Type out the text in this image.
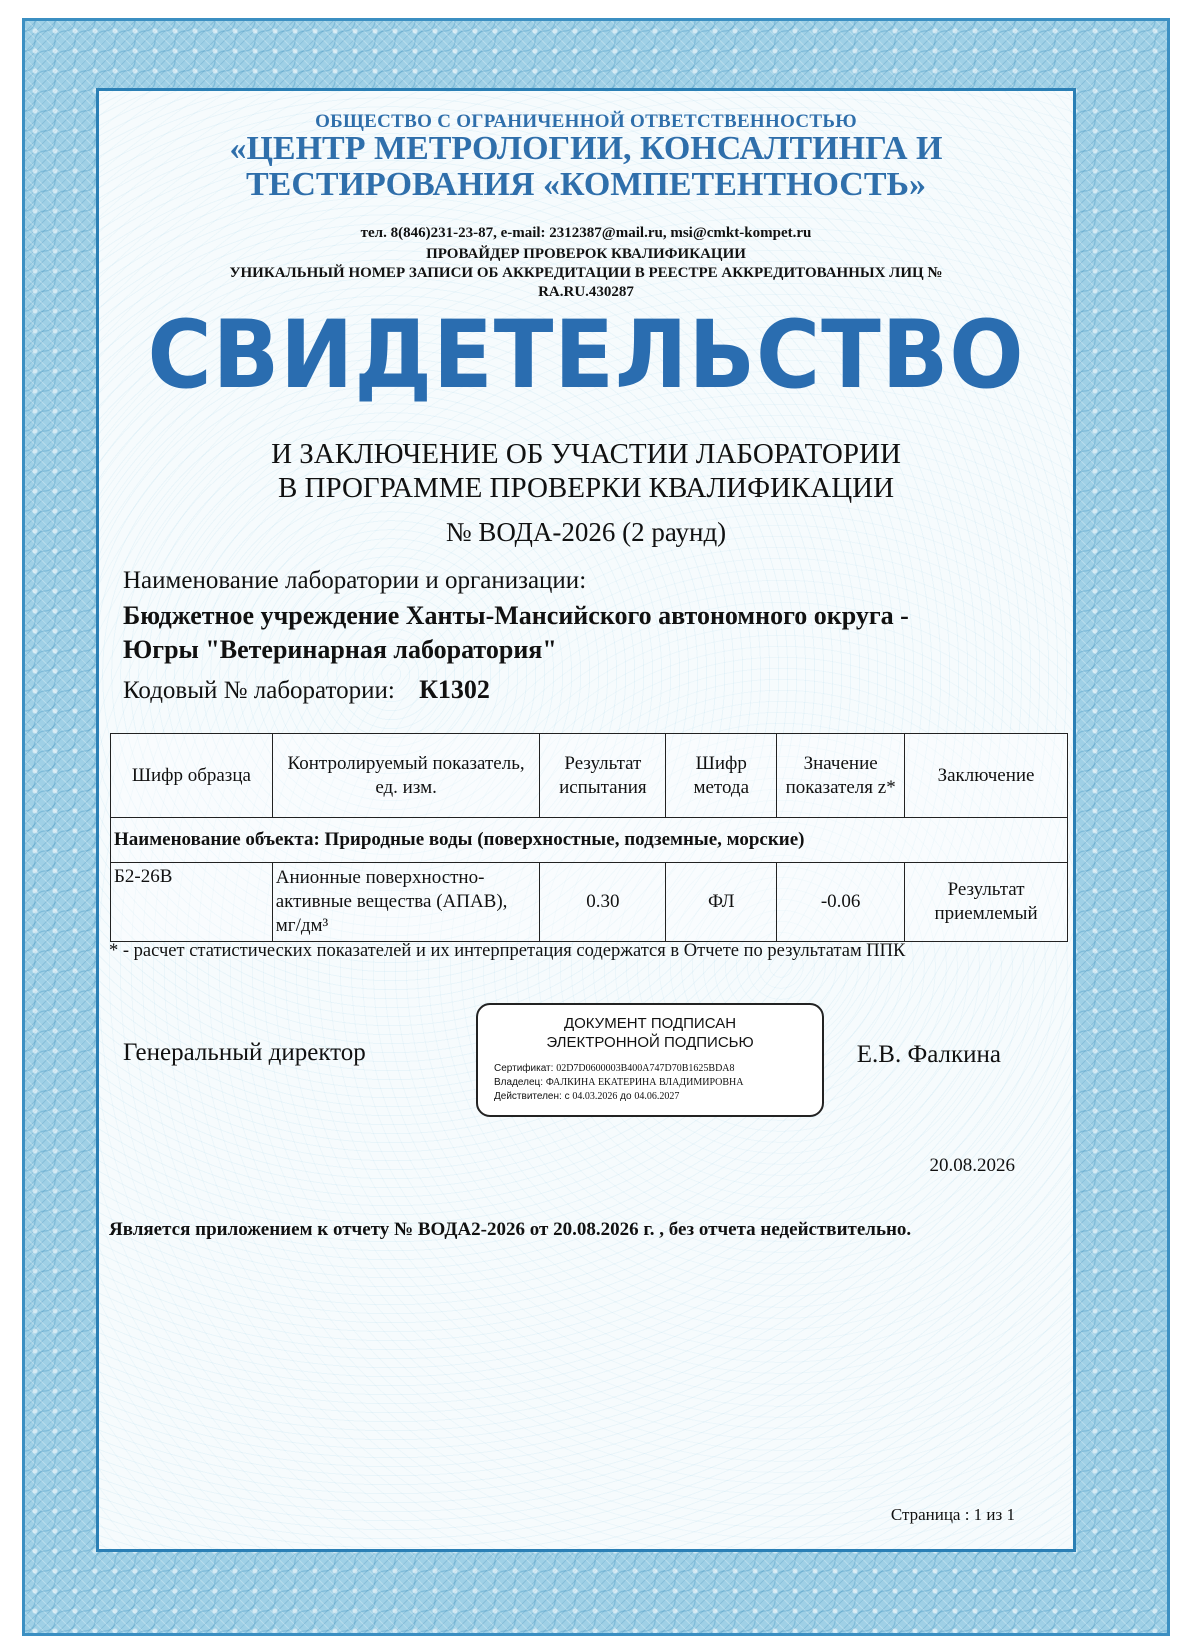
ОБЩЕСТВО С ОГРАНИЧЕННОЙ ОТВЕТСТВЕННОСТЬЮ
«ЦЕНТР МЕТРОЛОГИИ, КОНСАЛТИНГА И
ТЕСТИРОВАНИЯ «КОМПЕТЕНТНОСТЬ»
тел. 8(846)231-23-87, e-mail: 2312387@mail.ru, msi@cmkt-kompet.ru
ПРОВАЙДЕР ПРОВЕРОК КВАЛИФИКАЦИИ
УНИКАЛЬНЫЙ НОМЕР ЗАПИСИ ОБ АККРЕДИТАЦИИ В РЕЕСТРЕ АККРЕДИТОВАННЫХ ЛИЦ №
RA.RU.430287
СВИДЕТЕЛЬСТВО
И ЗАКЛЮЧЕНИЕ ОБ УЧАСТИИ ЛАБОРАТОРИИ
В ПРОГРАММЕ ПРОВЕРКИ КВАЛИФИКАЦИИ
№ ВОДА-2026 (2 раунд)
Наименование лаборатории и организации:
Бюджетное учреждение Ханты-Мансийского автономного округа -
Югры "Ветеринарная лаборатория"
Кодовый № лаборатории: К1302
Шифр образца	Контролируемый показатель, ед. изм.	Результат испытания	Шифр метода	Значение показателя z*	Заключение
Наименование объекта: Природные воды (поверхностные, подземные, морские)					
Б2-26В	Анионные поверхностно-активные вещества (АПАВ), мг/дм³	0.30	ФЛ	-0.06	Результат приемлемый
* - расчет статистических показателей и их интерпретация содержатся в Отчете по результатам ППК
Генеральный директор
ДОКУМЕНТ ПОДПИСАН
ЭЛЕКТРОННОЙ ПОДПИСЬЮ
Сертификат: 02D7D0600003B400A747D70B1625BDA8
Владелец: ФАЛКИНА ЕКАТЕРИНА ВЛАДИМИРОВНА
Действителен: с 04.03.2026 до 04.06.2027
Е.В. Фалкина
20.08.2026
Является приложением к отчету № ВОДА2-2026 от 20.08.2026 г. , без отчета недействительно.
Страница : 1 из 1
